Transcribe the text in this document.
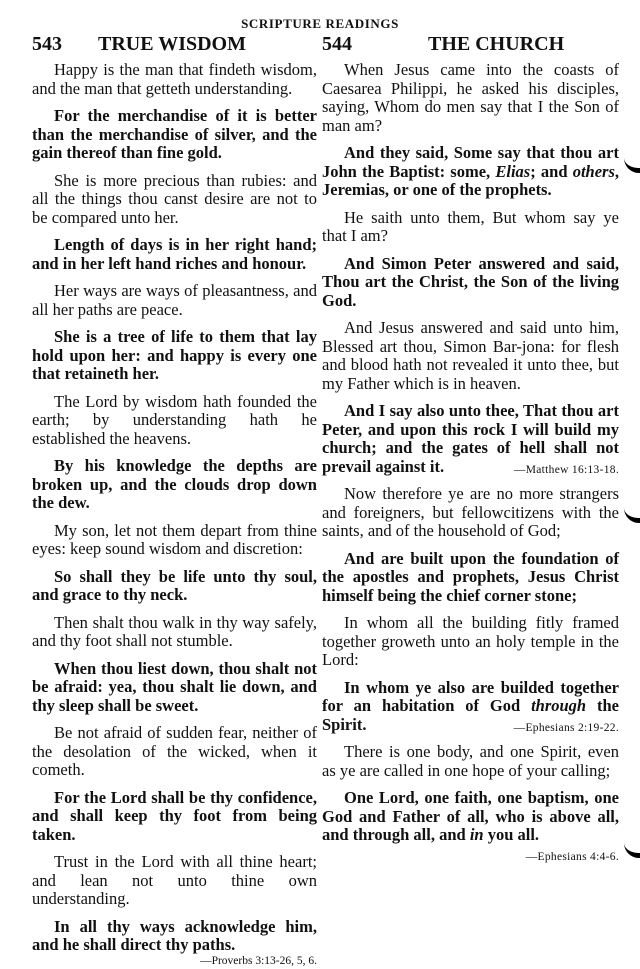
SCRIPTURE READINGS
543	TRUE WISDOM

Happy is the man that findeth wisdom, and the man that getteth understanding.

For the merchandise of it is better than the merchandise of silver, and the gain thereof than fine gold.

She is more precious than rubies: and all the things thou canst desire are not to be compared unto her.

Length of days is in her right hand; and in her left hand riches and honour.

Her ways are ways of pleasantness, and all her paths are peace.

She is a tree of life to them that lay hold upon her: and happy is every one that retaineth her.

The Lord by wisdom hath founded the earth; by understanding hath he established the heavens.

By his knowledge the depths are broken up, and the clouds drop down the dew.

My son, let not them depart from thine eyes: keep sound wisdom and discretion:

So shall they be life unto thy soul, and grace to thy neck.

Then shalt thou walk in thy way safely, and thy foot shall not stumble.

When thou liest down, thou shalt not be afraid: yea, thou shalt lie down, and thy sleep shall be sweet.

Be not afraid of sudden fear, neither of the desolation of the wicked, when it cometh.

For the Lord shall be thy confidence, and shall keep thy foot from being taken.

Trust in the Lord with all thine heart; and lean not unto thine own understanding.

In all thy ways acknowledge him, and he shall direct thy paths.

—Proverbs 3:13-26, 5, 6.
544	THE CHURCH

When Jesus came into the coasts of Caesarea Philippi, he asked his disciples, saying, Whom do men say that I the Son of man am?

And they said, Some say that thou art John the Baptist: some, Elias; and others, Jeremias, or one of the prophets.

He saith unto them, But whom say ye that I am?

And Simon Peter answered and said, Thou art the Christ, the Son of the living God.

And Jesus answered and said unto him, Blessed art thou, Simon Bar-jona: for flesh and blood hath not revealed it unto thee, but my Father which is in heaven.

And I say also unto thee, That thou art Peter, and upon this rock I will build my church; and the gates of hell shall not prevail against it.	—Matthew 16:13-18.

Now therefore ye are no more strangers and foreigners, but fellowcitizens with the saints, and of the household of God;

And are built upon the foundation of the apostles and prophets, Jesus Christ himself being the chief corner stone;

In whom all the building fitly framed together groweth unto an holy temple in the Lord:

In whom ye also are builded together for an habitation of God through the Spirit.	—Ephesians 2:19-22.

There is one body, and one Spirit, even as ye are called in one hope of your calling;

One Lord, one faith, one baptism, one God and Father of all, who is above all, and through all, and in you all.
—Ephesians 4:4-6.
